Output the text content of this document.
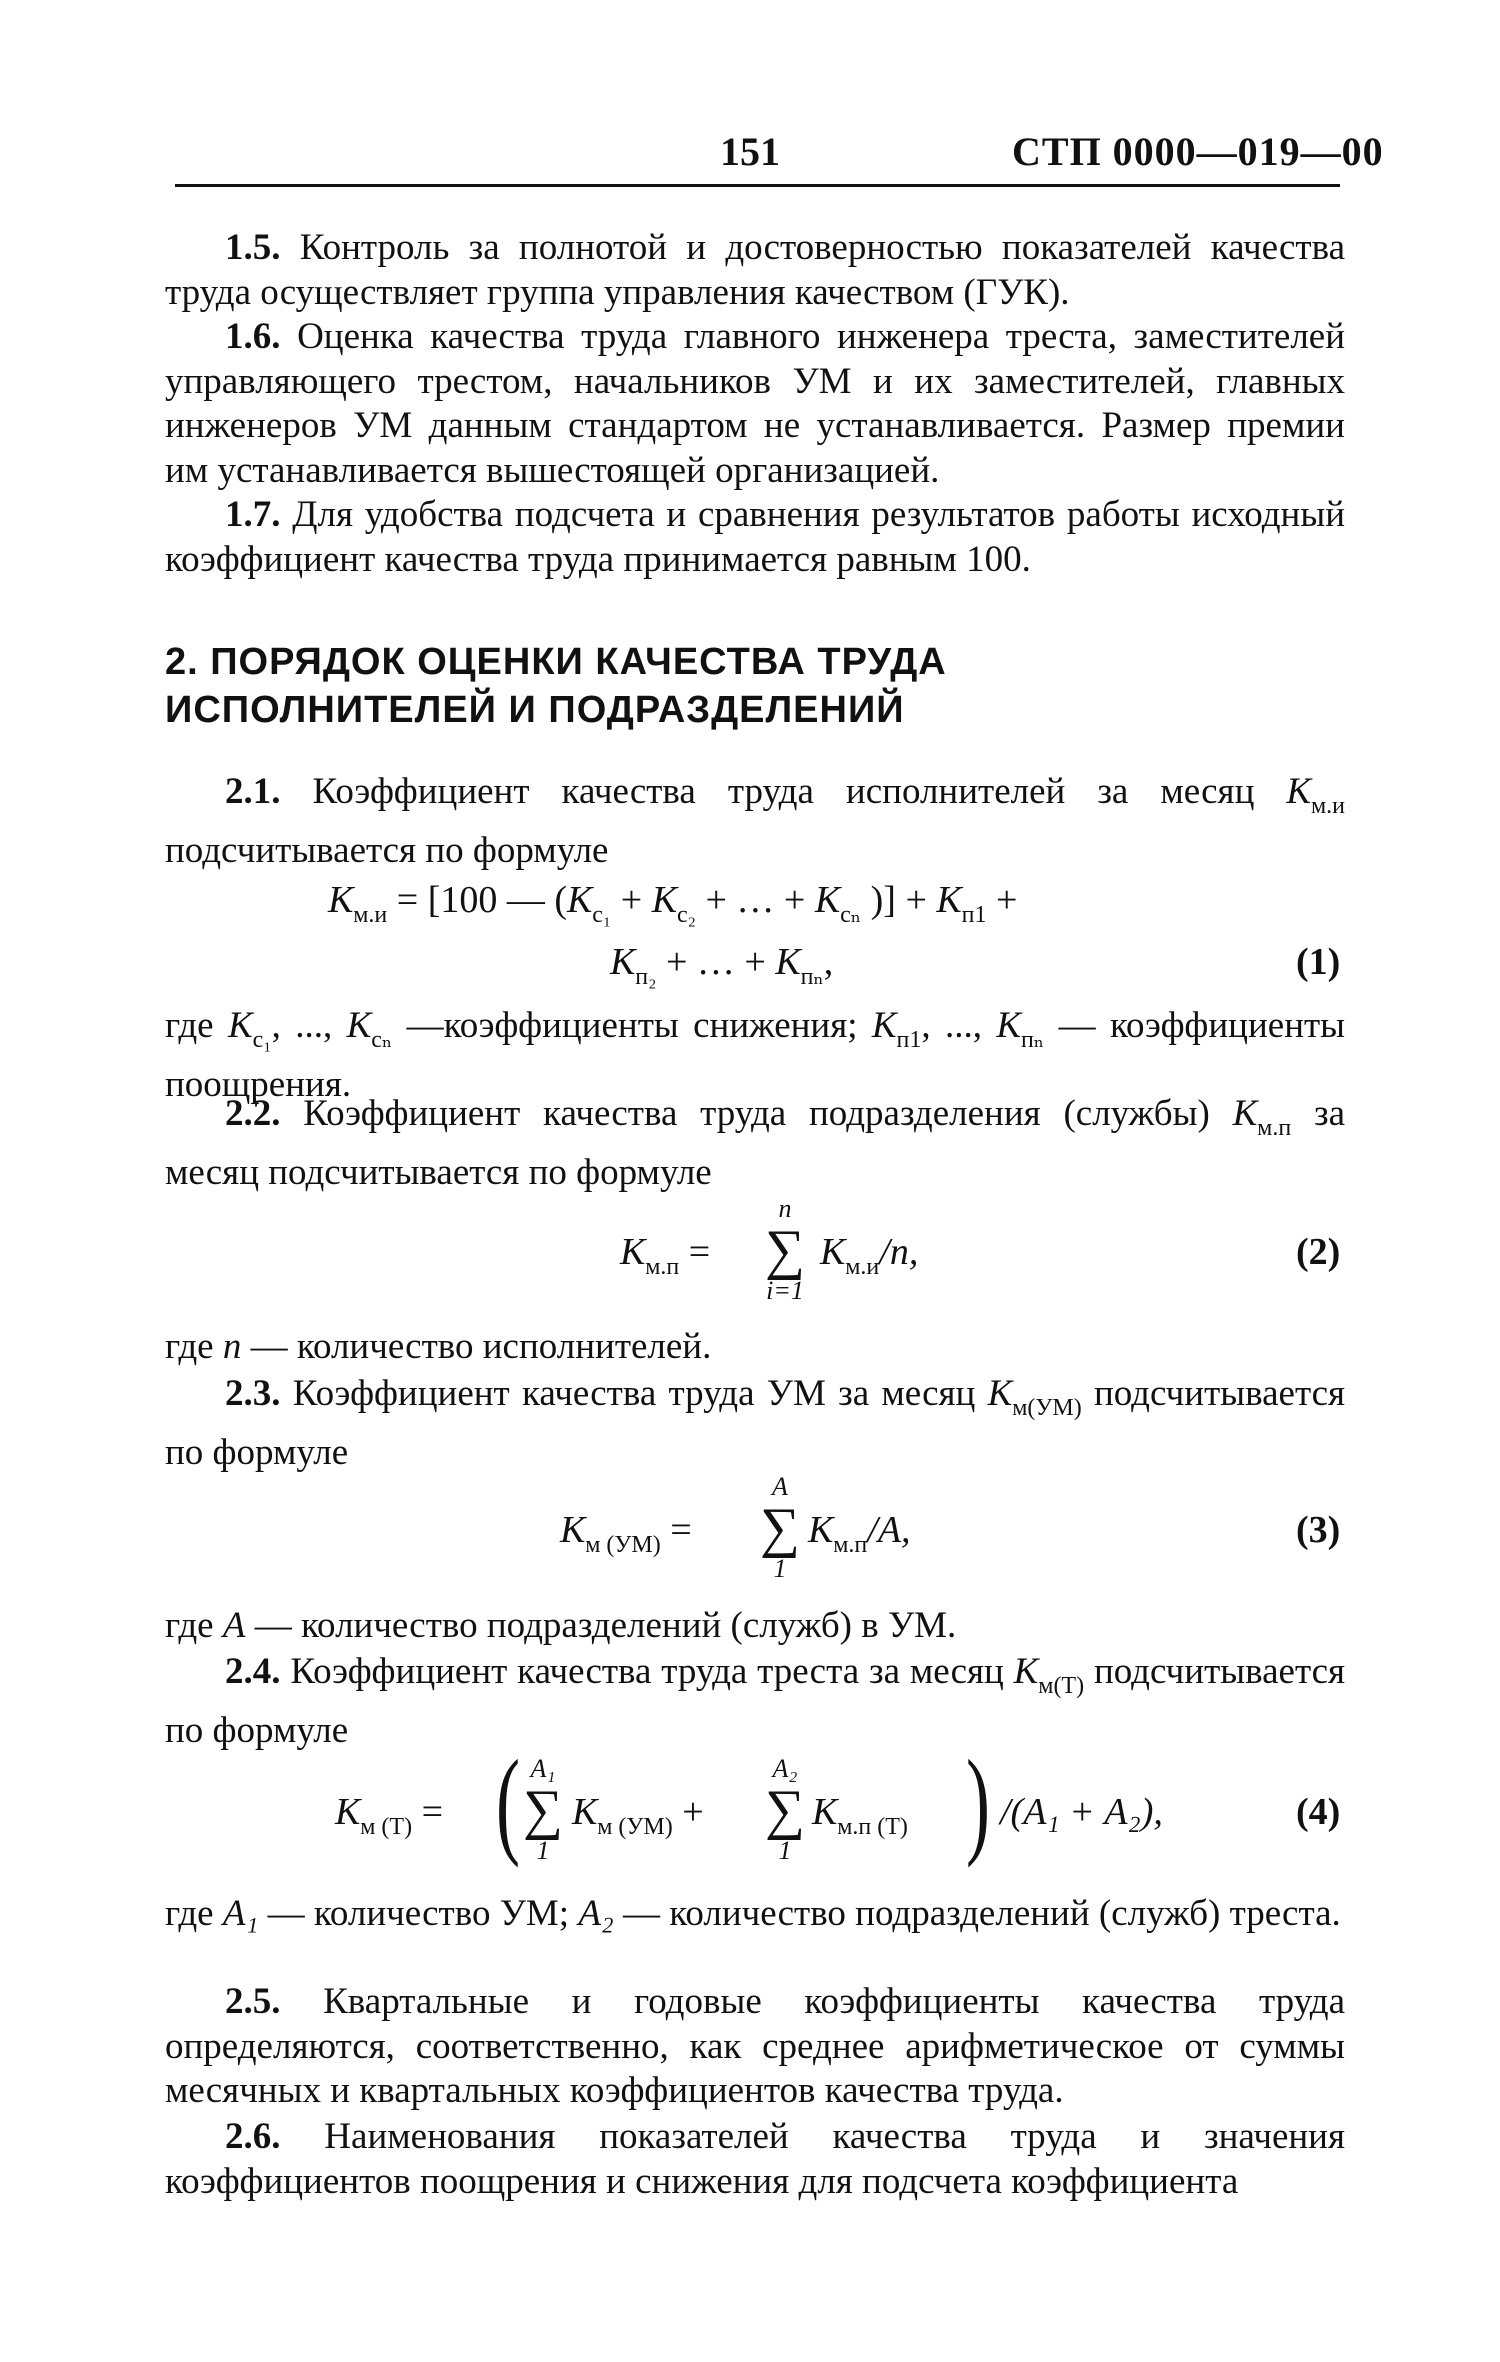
151	СТП 0000—019—00
1.5. Контроль за полнотой и достоверностью показателей качества труда осуществляет группа управления качеством (ГУК).
1.6. Оценка качества труда главного инженера треста, заместителей управляющего трестом, начальников УМ и их заместителей, главных инженеров УМ данным стандартом не устанавливается. Размер премии им устанавливается вышестоящей организацией.
1.7. Для удобства подсчета и сравнения результатов работы исходный коэффициент качества труда принимается равным 100.
2. ПОРЯДОК ОЦЕНКИ КАЧЕСТВА ТРУДА
ИСПОЛНИТЕЛЕЙ И ПОДРАЗДЕЛЕНИЙ
2.1. Коэффициент качества труда исполнителей за месяц $К_{м.и}$ подсчитывается по формуле
$К_{м.и} = [100$ — ($К_{c_1} + К_{c_2}$ + … + $К_{c_n}$ )] + $К_{п1}$ +
$К_{п_2}$ + … + $К_{п_n}$,	(1)
где $К_{c_1}$, ..., $К_{c_n}$ —коэффициенты снижения; $К_{п1}$, ..., $К_{п_n}$ — коэффициенты поощрения.
2.2. Коэффициент качества труда подразделения (службы) $К_{м.п}$ за месяц подсчитывается по формуле
$К_{м.п}$ =
n
∑
i=1
$К_{м.и}/n$,	(2)
где n — количество исполнителей.
2.3. Коэффициент качества труда УМ за месяц $К_{м(УМ)}$ подсчитывается по формуле
$К_{м (УМ)}$ =
А
∑
1
$К_{м.п}/А$,	(3)
где А — количество подразделений (служб) в УМ.
2.4. Коэффициент качества труда треста за месяц $К_{м(Т)}$ подсчитывается по формуле
$К_{м (Т)}$ = ( А₁
∑
1
$К_{м (УМ)}$ +
А₂
∑
1
$К_{м.п (Т)}$ ) /(А₁ + А₂),	(4)
где А₁ — количество УМ; А₂ — количество подразделений (служб) треста.
2.5. Квартальные и годовые коэффициенты качества труда определяются, соответственно, как среднее арифметическое от суммы месячных и квартальных коэффициентов качества труда.
2.6. Наименования показателей качества труда и значения коэффициентов поощрения и снижения для подсчета коэффициента
